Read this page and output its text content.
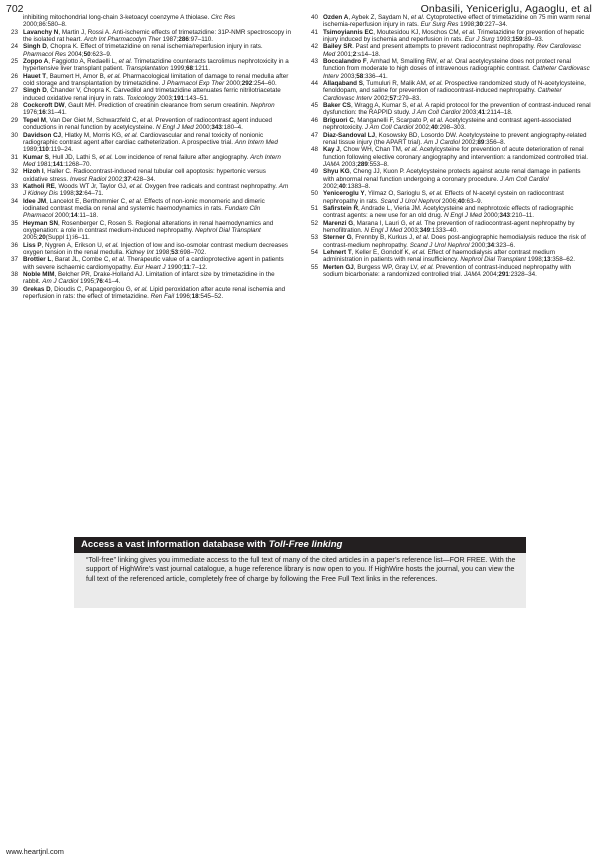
702	Onbasili, Yeniceriglu, Agaoglu, et al
inhibiting mitochondrial long-chain 3-ketoacyl coenzyme A thiolase. Circ Res
2000;86:580–8.
23 Lavanchy N, Martin J, Rossi A. Anti-ischemic effects of trimetazidine: 31P-NMR spectroscopy in the isolated rat heart. Arch Int Pharmacodyn Ther 1987;286:97–110.
24 Singh D, Chopra K. Effect of trimetazidine on renal ischemia/reperfusion injury in rats. Pharmacol Res 2004;50:623–9.
25 Zoppo A, Faggiotto A, Redaelli L, et al. Trimetazidine counteracts tacrolimus nephrotoxicity in a hypertensive liver transplant patient. Transplantation 1999;68:1211.
26 Hauet T, Baumert H, Amor B, et al. Pharmacological limitation of damage to renal medulla after cold storage and transplantation by trimetazidine. J Pharmacol Exp Ther 2000;292:254–60.
27 Singh D, Chander V, Chopra K. Carvedilol and trimetazidine attenuates ferric nitrilotriacetate induced oxidative renal injury in rats. Toxicology 2003;191:143–51.
28 Cockcroft DW, Gault MH. Prediction of creatinin clearance from serum creatinin. Nephron 1976;16:31–41.
29 Tepel M, Van Der Giet M, Schwarzfeld C, et al. Prevention of radiocontrast agent induced conductions in renal function by acetylcysteine. N Engl J Med 2000;343:180–4.
30 Davidson CJ, Hlatky M, Morris KG, et al. Cardiovascular and renal toxicity of nonionic radiographic contrast agent after cardiac catheterization. A prospective trial. Ann Intern Med 1989;110:119–24.
31 Kumar S, Hull JD, Lathi S, et al. Low incidence of renal failure after angiography. Arch Intern Med 1981;141:1268–70.
32 Hizoh I, Haller C. Radiocontrast-induced renal tubular cell apoptosis: hypertonic versus oxidative stress. Invest Radiol 2002;37:428–34.
33 Katholi RE, Woods WT Jr, Taylor GJ, et al. Oxygen free radicals and contrast nephropathy. Am J Kidney Dis 1998;32:64–71.
34 Idee JM, Lancelot E, Berthommier C, et al. Effects of non-ionic monomeric and dimeric iodinated contrast media on renal and systemic haemodynamics in rats. Fundam Clin Pharmacol 2000;14:11–18.
35 Heyman SN, Rosenberger C, Rosen S. Regional alterations in renal haemodynamics and oxygenation: a role in contrast medium-induced nephropathy. Nephrol Dial Transplant 2005;20(Suppl 1):i6–11.
36 Liss P, Nygren A, Erikson U, et al. Injection of low and iso-osmolar contrast medium decreases oxygen tension in the renal medulla. Kidney Int 1998;53:698–702.
37 Brottier L, Barat JL, Combe C, et al. Therapeutic value of a cardioprotective agent in patients with severe ischaemic cardiomyopathy. Eur Heart J 1990;11:7–12.
38 Noble MIM, Belcher PR, Drake-Holland AJ. Limitation of infarct size by trimetazidine in the rabbit. Am J Cardiol 1995;76:41–4.
39 Grekas D, Dioudis C, Papageorgiou G, et al. Lipid peroxidation after acute renal ischemia and reperfusion in rats: the effect of trimetazidine. Ren Fail 1996;18:545–52.
40 Özden A, Aybek Z, Saydam N, et al. Cytoprotective effect of trimetazidine on 75 min warm renal ischemia-reperfusion injury in rats. Eur Surg Res 1998;30:227–34.
41 Tsimoyiannis EC, Moutesidou KJ, Moschos CM, et al. Trimetazidine for prevention of hepatic injury induced by ischemia and reperfusion in rats. Eur J Surg 1993;159:89–93.
42 Bailey SR. Past and present attempts to prevent radiocontrast nephropathy. Rev Cardiovasc Med 2001;2:s14–18.
43 Boccalandro F, Amhad M, Smalling RW, et al. Oral acetylcysteine does not protect renal function from moderate to high doses of intravenous radiographic contrast. Catheter Cardiovasc Interv 2003;58:336–41.
44 Allaqaband S, Tumuluri R, Malik AM, et al. Prospective randomized study of N-acetylcysteine, fenoldopam, and saline for prevention of radiocontrast-induced nephropathy. Catheter Cardiovasc Interv 2002;57:279–83.
45 Baker CS, Wragg A, Kumar S, et al. A rapid protocol for the prevention of contrast-induced renal dysfunction: the RAPPID study. J Am Coll Cardiol 2003;41:2114–18.
46 Briguori C, Manganelli F, Scarpato P, et al. Acetylcysteine and contrast agent-associated nephrotoxicity. J Am Coll Cardiol 2002;40:298–303.
47 Diaz-Sandoval LJ, Kosowsky BD, Losordo DW. Acetylcysteine to prevent angiography-related renal tissue injury (the APART trial). Am J Cardiol 2002;89:356–8.
48 Kay J, Chow WH, Chan TM, et al. Acetylcysteine for prevention of acute deterioration of renal function following elective coronary angiography and intervention: a randomized controlled trial. JAMA 2003;289:553–8.
49 Shyu KG, Cheng JJ, Kuon P. Acetylcysteine protects against acute renal damage in patients with abnormal renal function undergoing a coronary procedure. J Am Coll Cardiol 2002;40:1383–8.
50 Yeniceroglu Y, Yilmaz O, Sarioglu S, et al. Effects of N-acetyl cystein on radiocontrast nephropathy in rats. Scand J Urol Nephrol 2006;40:63–9.
51 Safirstein R, Andrade L, Vieria JM. Acetylcysteine and nephrotoxic effects of radiographic contrast agents: a new use for an old drug. N Engl J Med 2000;343:210–11.
52 Marenzi G, Marana I, Lauri G, et al. The prevention of radiocontrast-agent nephropathy by hemofiltration. N Engl J Med 2003;349:1333–40.
53 Sterner G, Frennby B, Kurkus J, et al. Does post-angiographic hemodialysis reduce the risk of contrast-medium nephropathy. Scand J Urol Nephrol 2000;34:323–6.
54 Lehnert T, Keller E, Gondolf K, et al. Effect of haemodialysis after contrast medium administration in patients with renal insufficiency. Nephrol Dial Transplant 1998;13:358–62.
55 Merten GJ, Burgess WP, Gray LV, et al. Prevention of contrast-induced nephropathy with sodium bicarbonate: a randomized controlled trial. JAMA 2004;291:2328–34.
Access a vast information database with Toll-Free linking
“Toll-free” linking gives you immediate access to the full text of many of the cited articles in a paper’s reference list—FOR FREE. With the support of HighWire’s vast journal catalogue, a huge reference library is now open to you. If HighWire hosts the journal, you can view the full text of the referenced article, completely free of charge by following the Free Full Text links in the references.
www.heartjnl.com
